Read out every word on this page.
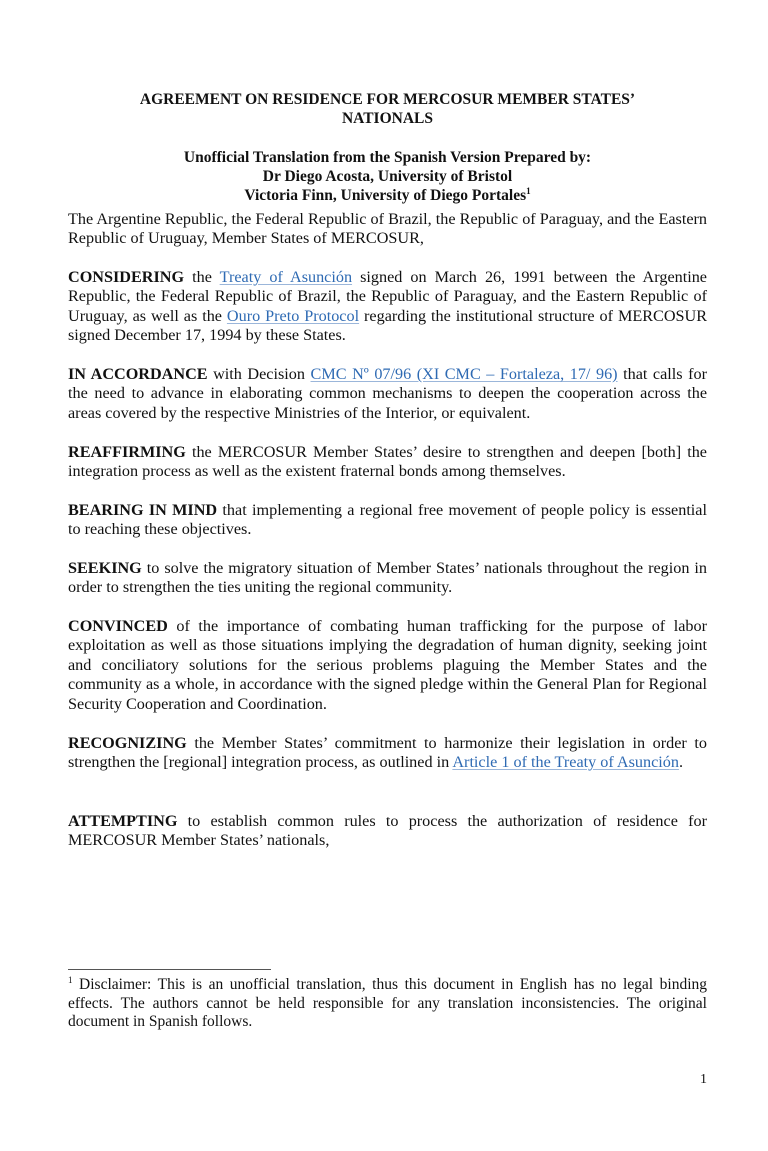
AGREEMENT ON RESIDENCE FOR MERCOSUR MEMBER STATES’
NATIONALS
Unofficial Translation from the Spanish Version Prepared by:
Dr Diego Acosta, University of Bristol
Victoria Finn, University of Diego Portales$^1$

The Argentine Republic, the Federal Republic of Brazil, the Republic of Paraguay, and the Eastern Republic of Uruguay, Member States of MERCOSUR,

CONSIDERING the Treaty of Asunción signed on March 26, 1991 between the Argentine Republic, the Federal Republic of Brazil, the Republic of Paraguay, and the Eastern Republic of Uruguay, as well as the Ouro Preto Protocol regarding the institutional structure of MERCOSUR signed December 17, 1994 by these States.

IN ACCORDANCE with Decision CMC Nº 07/96 (XI CMC – Fortaleza, 17/ 96) that calls for the need to advance in elaborating common mechanisms to deepen the cooperation across the areas covered by the respective Ministries of the Interior, or equivalent.

REAFFIRMING the MERCOSUR Member States’ desire to strengthen and deepen [both] the integration process as well as the existent fraternal bonds among themselves.

BEARING IN MIND that implementing a regional free movement of people policy is essential to reaching these objectives.

SEEKING to solve the migratory situation of Member States’ nationals throughout the region in order to strengthen the ties uniting the regional community.

CONVINCED of the importance of combating human trafficking for the purpose of labor exploitation as well as those situations implying the degradation of human dignity, seeking joint and conciliatory solutions for the serious problems plaguing the Member States and the community as a whole, in accordance with the signed pledge within the General Plan for Regional Security Cooperation and Coordination.

RECOGNIZING the Member States’ commitment to harmonize their legislation in order to strengthen the [regional] integration process, as outlined in Article 1 of the Treaty of Asunción.

ATTEMPTING to establish common rules to process the authorization of residence for MERCOSUR Member States’ nationals,

$^1$ Disclaimer: This is an unofficial translation, thus this document in English has no legal binding effects. The authors cannot be held responsible for any translation inconsistencies. The original document in Spanish follows.

1
